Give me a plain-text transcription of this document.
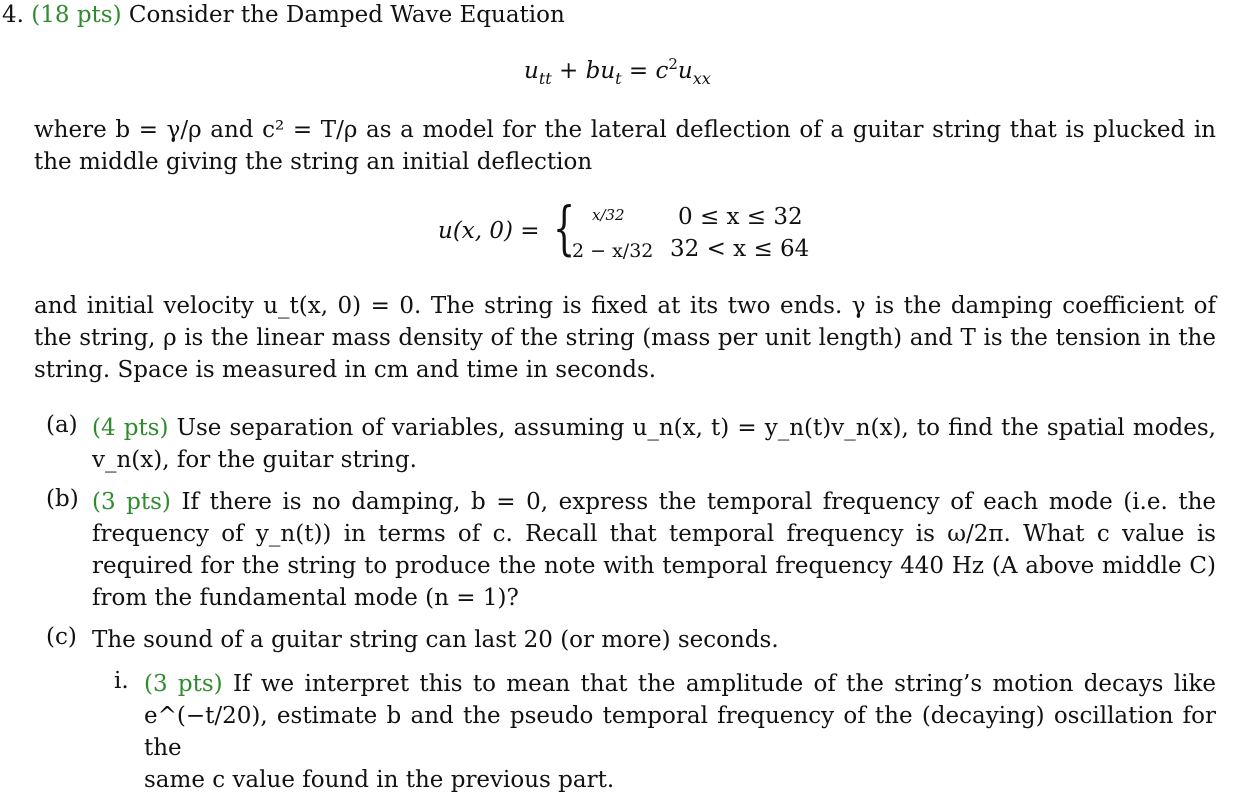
4. (18 pts) Consider the Damped Wave Equation
$u_{tt} + bu_t = c^2u_{xx}$
where b = γ/ρ and c² = T/ρ as a model for the lateral deflection of a guitar string that is plucked in
the middle giving the string an initial deflection
u(x, 0) = { x/32 0 ≤ x ≤ 32
2 − x/32 32 < x ≤ 64
and initial velocity u_t(x, 0) = 0. The string is fixed at its two ends. γ is the damping coefficient of
the string, ρ is the linear mass density of the string (mass per unit length) and T is the tension in the
string. Space is measured in cm and time in seconds.
(a) (4 pts) Use separation of variables, assuming u_n(x, t) = y_n(t)v_n(x), to find the spatial modes,
v_n(x), for the guitar string.
(b) (3 pts) If there is no damping, b = 0, express the temporal frequency of each mode (i.e. the
frequency of y_n(t)) in terms of c. Recall that temporal frequency is ω/2π. What c value is
required for the string to produce the note with temporal frequency 440 Hz (A above middle C)
from the fundamental mode (n = 1)?
(c) The sound of a guitar string can last 20 (or more) seconds.
i. (3 pts) If we interpret this to mean that the amplitude of the string’s motion decays like
e^(−t/20), estimate b and the pseudo temporal frequency of the (decaying) oscillation for the
same c value found in the previous part.
